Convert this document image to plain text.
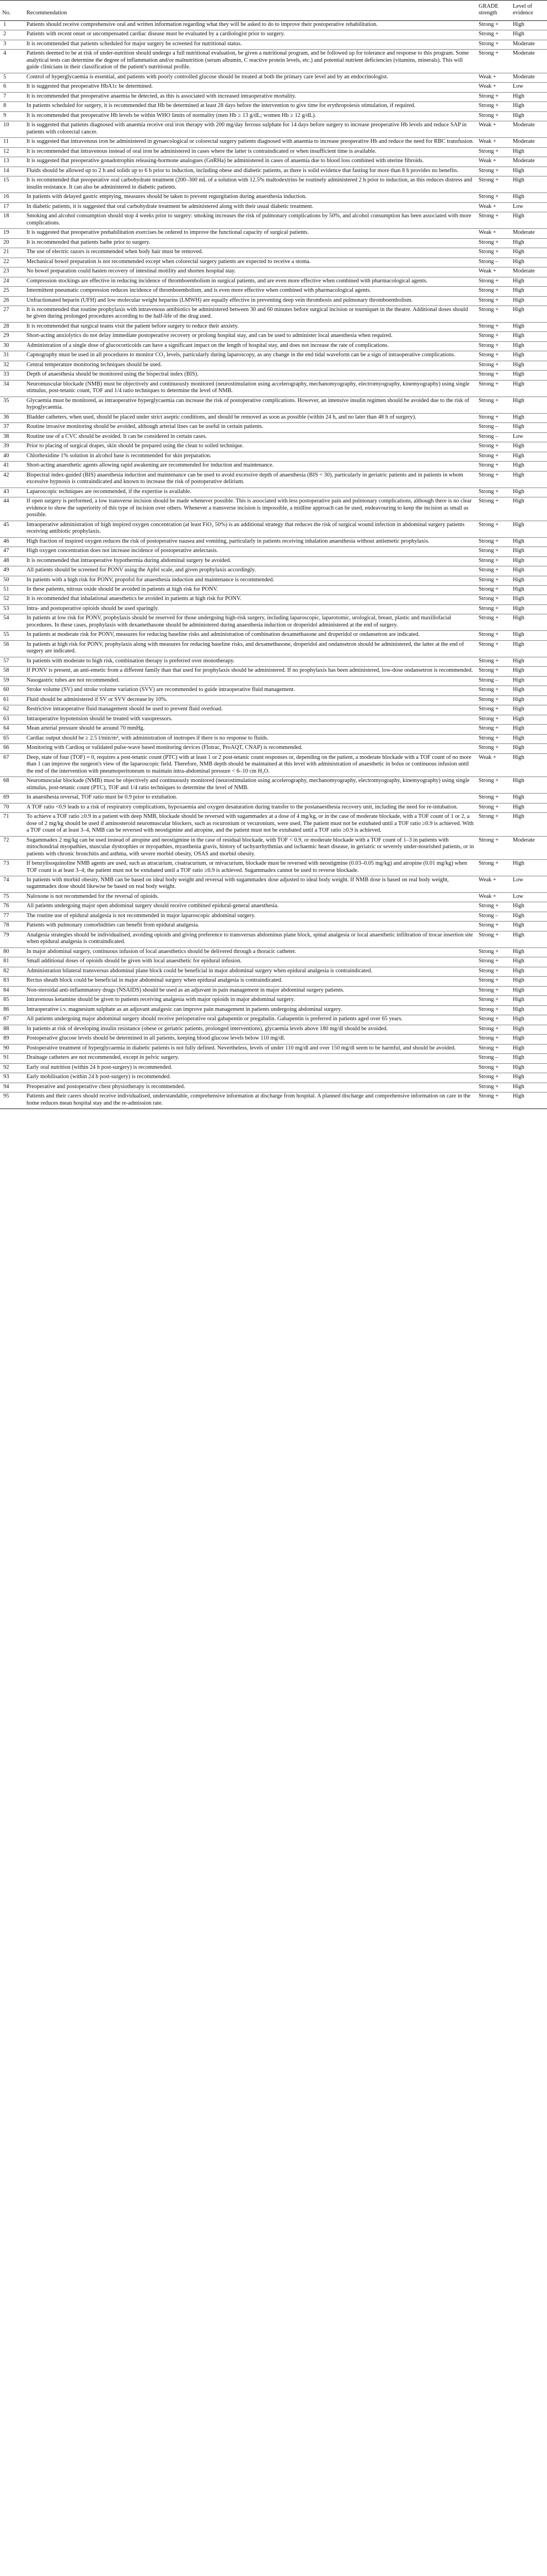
No.	Recommendation	GRADE strength	Level of evidence
1	Patients should receive comprehensive oral and written information regarding what they will be asked to do to improve their postoperative rehabilitation.	Strong +	High
2	Patients with recent onset or uncompensated cardiac disease must be evaluated by a cardiologist prior to surgery.	Strong +	High
3	It is recommended that patients scheduled for major surgery be screened for nutritional status.	Strong +	Moderate
4	Patients deemed to be at risk of under-nutrition should undergo a full nutritional evaluation, be given a nutritional program, and be followed up for tolerance and response to this program. Some analytical tests can determine the degree of inflammation and/or malnutrition (serum albumin, C reactive protein levels, etc.) and potential nutrient deficiencies (vitamins, minerals). This will guide clinicians in their classification of the patient's nutritional profile.	Strong +	Moderate
5	Control of hyperglycaemia is essential, and patients with poorly controlled glucose should be treated at both the primary care level and by an endocrinologist.	Weak +	Moderate
6	It is suggested that preoperative HbA1c be determined.	Weak +	Low
7	It is recommended that preoperative anaemia be detected, as this is associated with increased intraoperative mortality.	Strong +	High
8	In patients scheduled for surgery, it is recommended that Hb be determined at least 28 days before the intervention to give time for erythropoiesis stimulation, if required.	Strong +	High
9	It is recommended that preoperative Hb levels be within WHO limits of normality (men Hb ≥ 13 g/dL; women Hb ≥ 12 g/dL).	Strong +	High
10	It is suggested that patients diagnosed with anaemia receive oral iron therapy with 200 mg/day ferrous sulphate for 14 days before surgery to increase preoperative Hb levels and reduce SAP in patients with colorectal cancer.	Weak +	Moderate
11	It is suggested that intravenous iron be administered in gynaecological or colorectal surgery patients diagnosed with anaemia to increase preoperative Hb and reduce the need for RBC transfusion.	Weak +	Moderate
12	It is recommended that intravenous instead of oral iron be administered in cases where the latter is contraindicated or when insufficient time is available.	Strong +	High
13	It is suggested that preoperative gonadotrophin releasing-hormone analogues (GnRHa) be administered in cases of anaemia due to blood loss combined with uterine fibroids.	Weak +	Moderate
14	Fluids should be allowed up to 2 h and solids up to 6 h prior to induction, including obese and diabetic patients, as there is solid evidence that fasting for more than 8 h provides no benefits.	Strong +	High
15	It is recommended that preoperative oral carbohydrate treatment (200–300 mL of a solution with 12.5% maltodextrins be routinely administered 2 h prior to induction, as this reduces distress and insulin resistance. It can also be administered in diabetic patients.	Strong +	High
16	In patients with delayed gastric emptying, measures should be taken to prevent regurgitation during anaesthesia induction.	Strong +	High
17	In diabetic patients, it is suggested that oral carbohydrate treatment be administered along with their usual diabetic treatment.	Weak +	Low
18	Smoking and alcohol consumption should stop 4 weeks prior to surgery: smoking increases the risk of pulmonary complications by 50%, and alcohol consumption has been associated with more complications.	Strong +	High
19	It is suggested that preoperative prehabilitation exercises be ordered to improve the functional capacity of surgical patients.	Weak +	Moderate
20	It is recommended that patients bathe prior to surgery.	Strong +	High
21	The use of electric razors is recommended when body hair must be removed.	Strong +	High
22	Mechanical bowel preparation is not recommended except when colorectal surgery patients are expected to receive a stoma.	Strong –	High
23	No bowel preparation could hasten recovery of intestinal motility and shorten hospital stay.	Weak +	Moderate
24	Compression stockings are effective in reducing incidence of thromboembolism in surgical patients, and are even more effective when combined with pharmacological agents.	Strong +	High
25	Intermittent pneumatic compression reduces incidence of thromboembolism, and is even more effective when combined with pharmacological agents.	Strong +	High
26	Unfractionated heparin (UFH) and low molecular weight heparins (LMWH) are equally effective in preventing deep vein thrombosis and pulmonary thromboembolism.	Strong +	High
27	It is recommended that routine prophylaxis with intravenous antibiotics be administered between 30 and 60 minutes before surgical incision or tourniquet in the theatre. Additional doses should be given during prolonged procedures according to the half-life of the drug used.	Strong +	High
28	It is recommended that surgical teams visit the patient before surgery to reduce their anxiety.	Strong +	High
29	Short-acting anxiolytics do not delay immediate postoperative recovery or prolong hospital stay, and can be used to administer local anaesthesia when required.	Strong +	High
30	Administration of a single dose of glucocorticoids can have a significant impact on the length of hospital stay, and does not increase the rate of complications.	Strong +	High
31	Capnography must be used in all procedures to monitor CO₂ levels, particularly during laparoscopy, as any change in the end tidal waveform can be a sign of intraoperative complications.	Strong +	High
32	Central temperature monitoring techniques should be used.	Strong +	High
33	Depth of anaesthesia should be monitored using the bispectral index (BIS).	Strong +	High
34	Neuromuscular blockade (NMB) must be objectively and continuously monitored (neurostimulation using accelerography, mechanomyography, electromyography, kinemyography) using single stimulus, post-tetanic count, TOF and 1/4 ratio techniques to determine the level of NMB.	Strong +	High
35	Glycaemia must be monitored, as intraoperative hyperglycaemia can increase the risk of postoperative complications. However, an intensive insulin regimen should be avoided due to the risk of hypoglycaemia.	Strong +	High
36	Bladder catheters, when used, should be placed under strict aseptic conditions, and should be removed as soon as possible (within 24 h, and no later than 48 h of surgery).	Strong +	High
37	Routine invasive monitoring should be avoided, although arterial lines can be useful in certain patients.	Strong –	High
38	Routine use of a CVC should be avoided. It can be considered in certain cases.	Strong –	Low
39	Prior to placing of surgical drapes, skin should be prepared using the clean to soiled technique.	Strong +	High
40	Chlorhexidine 1% solution in alcohol base is recommended for skin preparation.	Strong +	High
41	Short-acting anaesthetic agents allowing rapid awakening are recommended for induction and maintenance.	Strong +	High
42	Bispectral index-guided (BIS) anaesthesia induction and maintenance can be used to avoid excessive depth of anaesthesia (BIS < 30), particularly in geriatric patients and in patients in whom excessive hypnosis is contraindicated and known to increase the risk of postoperative delirium.	Strong +	High
43	Laparoscopic techniques are recommended, if the expertise is available.	Strong +	High
44	If open surgery is performed, a low transverse incision should be made whenever possible. This is associated with less postoperative pain and pulmonary complications, although there is no clear evidence to show the superiority of this type of incision over others. Whenever a transverse incision is impossible, a midline approach can be used, endeavouring to keep the incision as small as possible.	Strong +	High
45	Intraoperative administration of high inspired oxygen concentration (at least FiO₂ 50%) is an additional strategy that reduces the risk of surgical wound infection in abdominal surgery patients receiving antibiotic prophylaxis.	Strong +	High
46	High fraction of inspired oxygen reduces the risk of postoperative nausea and vomiting, particularly in patients receiving inhalation anaesthesia without antiemetic prophylaxis.	Strong +	High
47	High oxygen concentration does not increase incidence of postoperative atelectasis.	Strong +	High
48	It is recommended that intraoperative hypothermia during abdominal surgery be avoided.	Strong +	High
49	All patients should be screened for PONV using the Apfel scale, and given prophylaxis accordingly.	Strong +	High
50	In patients with a high risk for PONV, propofol for anaesthesia induction and maintenance is recommended.	Strong +	High
51	In these patients, nitrous oxide should be avoided in patients at high risk for PONV.	Strong +	High
52	It is recommended that inhalational anaesthetics be avoided in patients at high risk for PONV.	Strong +	High
53	Intra- and postoperative opioids should be used sparingly.	Strong +	High
54	In patients at low risk for PONV, prophylaxis should be reserved for those undergoing high-risk surgery, including laparoscopic, laparotomic, urological, breast, plastic and maxillofacial procedures. In these cases, prophylaxis with dexamethasone should be administered during anaesthesia induction or droperidol administered at the end of surgery.	Strong +	High
55	In patients at moderate risk for PONV, measures for reducing baseline risks and administration of combination dexamethasone and droperidol or ondansetron are indicated.	Strong +	High
56	In patients at high risk for PONV, prophylaxis along with measures for reducing baseline risks, and dexamethasone, droperidol and ondansetron should be administered, the latter at the end of surgery are indicated.	Strong +	High
57	In patients with moderate to high risk, combination therapy is preferred over monotherapy.	Strong +	High
58	If PONV is present, an anti-emetic from a different family than that used for prophylaxis should be administered. If no prophylaxis has been administered, low-dose ondansetron is recommended.	Strong +	High
59	Nasogastric tubes are not recommended.	Strong –	High
60	Stroke volume (SV) and stroke volume variation (SVV) are recommended to guide intraoperative fluid management.	Strong +	High
61	Fluid should be administered if SV or SVV decrease by 10%.	Strong +	High
62	Restrictive intraoperative fluid management should be used to prevent fluid overload.	Strong +	High
63	Intraoperative hypotension should be treated with vasopressors.	Strong +	High
64	Mean arterial pressure should be around 70 mmHg.	Strong +	High
65	Cardiac output should be ≥ 2.5 l/min/m², with administration of inotropes if there is no response to fluids.	Strong +	High
66	Monitoring with Cardioq or validated pulse-wave based monitoring devices (Flotrac, ProAQT, CNAP) is recommended.	Strong +	High
67	Deep, state of four (TOF) = 0, requires a post-tetanic count (PTC) with at least 1 or 2 post-tetanic count responses or, depending on the patient, a moderate blockade with a TOF count of no more than 1 can improve the surgeon's view of the laparoscopic field. Therefore, NMB depth should be maintained at this level with administration of anaesthetic in bolus or continuous infusion until the end of the intervention with pneumoperitoneum to maintain intra-abdominal pressure < 6–10 cm H₂O.	Weak +	High
68	Neuromuscular blockade (NMB) must be objectively and continuously monitored (neurostimulation using accelerography, mechanomyography, electromyography, kinemyography) using single stimulus, post-tetanic count (PTC), TOF and 1/4 ratio techniques to determine the level of NMB.	Strong +	High
69	In anaesthesia reversal, TOF ratio must be 0.9 prior to extubation.	Strong +	High
70	A TOF ratio <0.9 leads to a risk of respiratory complications, hypoxaemia and oxygen desaturation during transfer to the postanaesthesia recovery unit, including the need for re-intubation.	Strong +	High
71	To achieve a TOF ratio ≥0.9 in a patient with deep NMB, blockade should be reversed with sugammadex at a dose of 4 mg/kg, or in the case of moderate blockade, with a TOF count of 1 or 2, a dose of 2 mg/kg should be used if aminosteroid neuromuscular blockers, such as rocuronium or vecuronium, were used. The patient must not be extubated until a TOF ratio ≥0.9 is achieved. With a TOF count of at least 3–4, NMB can be reversed with neostigmine and atropine, and the patient must not be extubated until a TOF ratio ≥0.9 is achieved.	Strong +	High
72	Sugammadex 2 mg/kg can be used instead of atropine and neostigmine in the case of residual blockade, with TOF < 0.9, or moderate blockade with a TOF count of 1–3 in patients with mitochondrial myopathies, muscular dystrophies or myopathies, myasthenia gravis, history of tachyarrhythmias and ischaemic heart disease, in geriatric or severely under-nourished patients, or in patients with chronic bronchitis and asthma, with severe morbid obesity, OSAS and morbid obesity.	Strong +	Moderate
73	If benzylisoquinoline NMB agents are used, such as atracurium, cisatracurium, or mivacurium, blockade must be reversed with neostigmine (0.03–0.05 mg/kg) and atropine (0.01 mg/kg) when TOF count is at least 3–4; the patient must not be extubated until a TOF ratio ≥0.9 is achieved. Sugammadex cannot be used to reverse blockade.	Strong +	High
74	In patients with morbid obesity, NMB can be based on ideal body weight and reversal with sugammadex dose adjusted to ideal body weight. If NMB dose is based on real body weight, sugammadex dose should likewise be based on real body weight.	Weak +	Low
75	Naloxone is not recommended for the reversal of opioids.	Weak +	Low
76	All patients undergoing major open abdominal surgery should receive combined epidural-general anaesthesia.	Strong +	High
77	The routine use of epidural analgesia is not recommended in major laparoscopic abdominal surgery.	Strong –	High
78	Patients with pulmonary comorbidities can benefit from epidural analgesia.	Strong +	High
79	Analgesia strategies should be individualised, avoiding opioids and giving preference to transversus abdominus plane block, spinal analgesia or local anaesthetic infiltration of trocar insertion site when epidural analgesia is contraindicated.	Strong +	High
80	In major abdominal surgery, continuous infusion of local anaesthetics should be delivered through a thoracic catheter.	Strong +	High
81	Small additional doses of opioids should be given with local anaesthetic for epidural infusion.	Strong +	High
82	Administration bilateral transversus abdominal plane block could be beneficial in major abdominal surgery when epidural analgesia is contraindicated.	Strong +	High
83	Rectus sheath block could be beneficial in major abdominal surgery when epidural analgesia is contraindicated.	Strong +	High
84	Non-steroidal anti-inflammatory drugs (NSAIDS) should be used as an adjuvant in pain management in major abdominal surgery patients.	Strong +	High
85	Intravenous ketamine should be given to patients receiving analgesia with major opioids in major abdominal surgery.	Strong +	High
86	Intraoperative i.v. magnesium sulphate as an adjuvant analgesic can improve pain management in patients undergoing abdominal surgery.	Strong +	High
87	All patients undergoing major abdominal surgery should receive perioperative oral gabapentin or pregabalin. Gabapentin is preferred in patients aged over 65 years.	Strong +	High
88	In patients at risk of developing insulin resistance (obese or geriatric patients, prolonged interventions), glycaemia levels above 180 mg/dl should be avoided.	Strong +	High
89	Postoperative glucose levels should be determined in all patients, keeping blood glucose levels below 110 mg/dl.	Strong +	High
90	Postoperative treatment of hyperglycaemia in diabetic patients is not fully defined. Nevertheless, levels of under 110 mg/dl and over 150 mg/dl seem to be harmful, and should be avoided.	Strong +	High
91	Drainage catheters are not recommended, except in pelvic surgery.	Strong –	High
92	Early oral nutrition (within 24 h post-surgery) is recommended.	Strong +	High
93	Early mobilisation (within 24 h post-surgery) is recommended.	Strong +	High
94	Preoperative and postoperative chest physiotherapy is recommended.	Strong +	High
95	Patients and their carers should receive individualised, understandable, comprehensive information at discharge from hospital. A planned discharge and comprehensive information on care in the home reduces mean hospital stay and the re-admission rate.	Strong +	High
